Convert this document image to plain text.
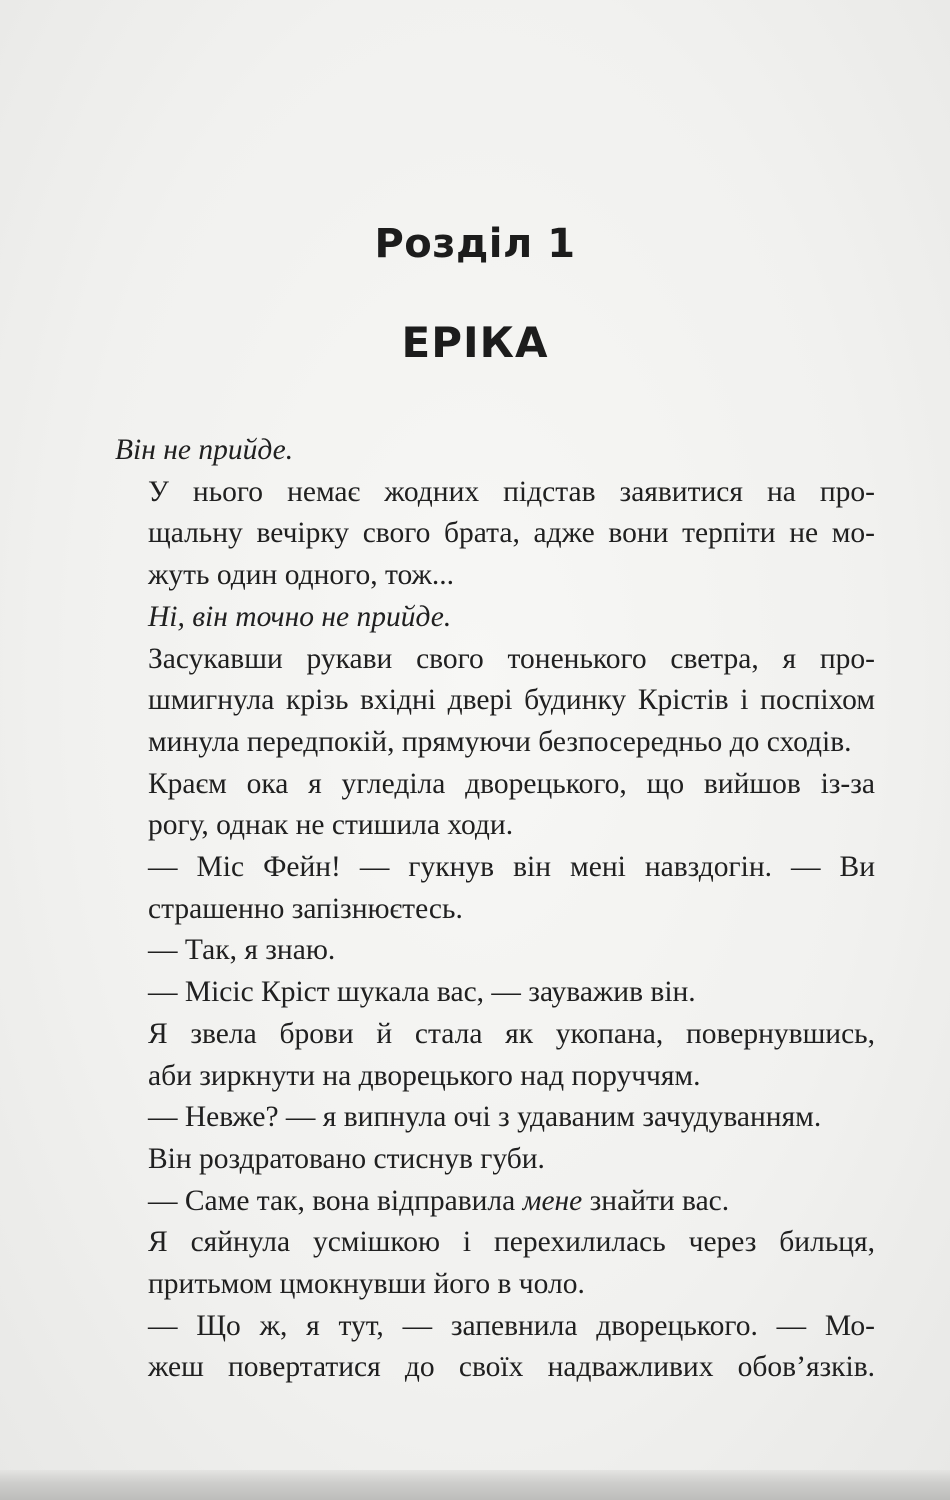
Розділ 1
ЕРІКА

Він не прийде.

У нього немає жодних підстав заявитися на про-
щальну вечірку свого брата, адже вони терпіти не мо-
жуть один одного, тож...

Ні, він точно не прийде.

Засукавши рукави свого тоненького светра, я про-
шмигнула крізь вхідні двері будинку Крістів і поспіхом
минула передпокій, прямуючи безпосередньо до сходів.

Краєм ока я угледіла дворецького, що вийшов із-за
рогу, однак не стишила ходи.

— Міс Фейн! — гукнув він мені навздогін. — Ви
страшенно запізнюєтесь.

— Так, я знаю.

— Місіс Кріст шукала вас, — зауважив він.

Я звела брови й стала як укопана, повернувшись,
аби зиркнути на дворецького над поруччям.

— Невже? — я випнула очі з удаваним зачудуванням.

Він роздратовано стиснув губи.

— Саме так, вона відправила мене знайти вас.

Я сяйнула усмішкою і перехилилась через бильця,
притьмом цмокнувши його в чоло.

— Що ж, я тут, — запевнила дворецького. — Мо-
жеш повертатися до своїх надважливих обов’язків.
